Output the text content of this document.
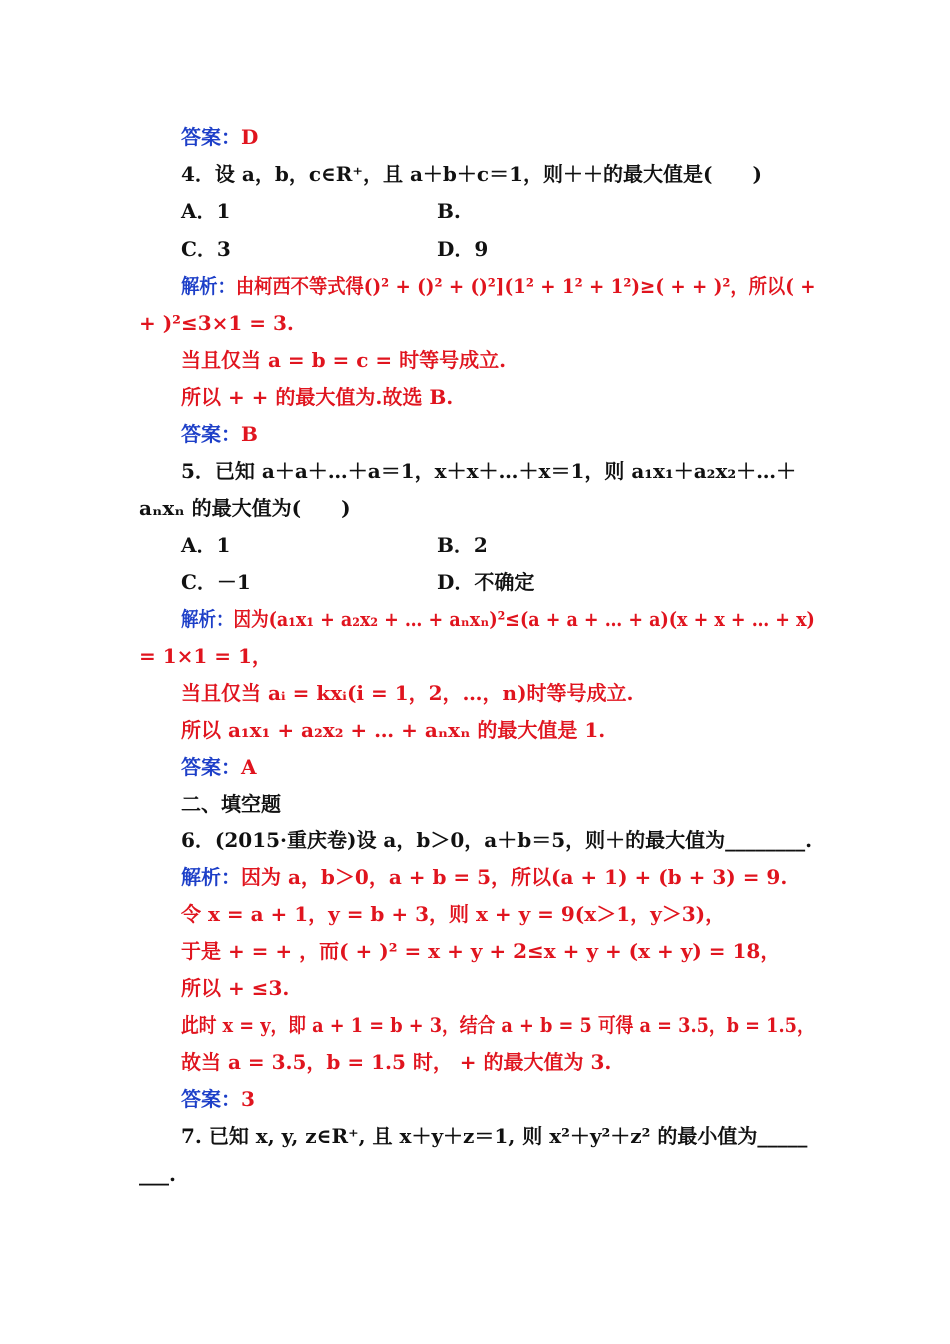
答案：D
4．设 a，b，c∈R⁺，且 a＋b＋c＝1，则＋＋的最大值是(　　)
A．1	B.
C．3	D．9
解析：由柯西不等式得()² + ()² + ()²](1² + 1² + 1²)≥( + + )²，所以( +
+ )²≤3×1 = 3.
当且仅当 a = b = c = 时等号成立.
所以 + + 的最大值为.故选 B.
答案：B
5．已知 a＋a＋…＋a＝1，x＋x＋…＋x＝1，则 a₁x₁＋a₂x₂＋…＋
aₙxₙ 的最大值为(　　)
A．1	B．2
C．－1	D．不确定
解析：因为(a₁x₁ + a₂x₂ + … + aₙxₙ)²≤(a + a + … + a)(x + x + … + x)
= 1×1 = 1，
当且仅当 aᵢ = kxᵢ(i = 1，2，…，n)时等号成立.
所以 a₁x₁ + a₂x₂ + … + aₙxₙ 的最大值是 1.
答案：A
二、填空题
6．(2015·重庆卷)设 a，b＞0，a＋b＝5，则＋的最大值为________.
解析：因为 a，b＞0，a + b = 5，所以(a + 1) + (b + 3) = 9.
令 x = a + 1，y = b + 3，则 x + y = 9(x＞1，y＞3)，
于是 + = + ，而( + )² = x + y + 2≤x + y + (x + y) = 18，
所以 + ≤3.
此时 x = y，即 a + 1 = b + 3，结合 a + b = 5 可得 a = 3.5，b = 1.5，
故当 a = 3.5，b = 1.5 时， + 的最大值为 3.
答案：3
7. 已知 x, y, z∈R⁺, 且 x＋y＋z＝1, 则 x²＋y²＋z² 的最小值为_____
___.
